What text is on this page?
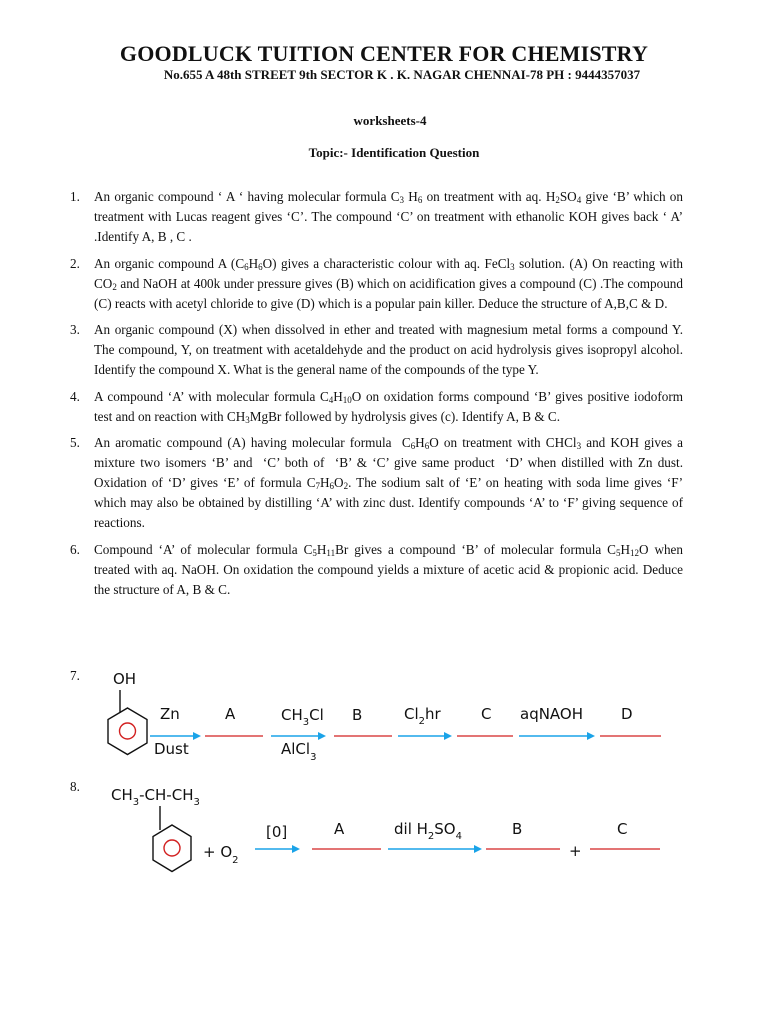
GOODLUCK TUITION CENTER FOR CHEMISTRY
No.655 A 48th STREET 9th SECTOR K . K. NAGAR CHENNAI-78 PH : 9444357037
worksheets-4
Topic:- Identification Question
1. An organic compound ‘ A ‘ having molecular formula $C_3$ $H_6$ on treatment with aq. $H_2SO_4$ give ‘B’ which on treatment with Lucas reagent gives ‘C’. The compound ‘C’ on treatment with ethanolic KOH gives back ‘ A’ .Identify A, B , C .
2. An organic compound A $(C_6H_6O)$ gives a characteristic colour with aq. FeCl$_3$ solution. (A) On reacting with $CO_2$ and NaOH at 400k under pressure gives (B) which on acidification gives a compound (C) .The compound (C) reacts with acetyl chloride to give (D) which is a popular pain killer. Deduce the structure of A,B,C & D.
3. An organic compound (X) when dissolved in ether and treated with magnesium metal forms a compound Y. The compound, Y, on treatment with acetaldehyde and the product on acid hydrolysis gives isopropyl alcohol. Identify the compound X. What is the general name of the compounds of the type Y.
4. A compound ‘A’ with molecular formula $C_4H_{10}O$ on oxidation forms compound ‘B’ gives positive iodoform test and on reaction with $CH_3MgBr$ followed by hydrolysis gives (c). Identify A, B & C.
5. An aromatic compound (A) having molecular formula  $C_6H_6O$ on treatment with CHCl$_3$ and KOH gives a mixture two isomers ‘B’ and  ‘C’ both of  ‘B’ & ‘C’ give same product  ‘D’ when distilled with Zn dust. Oxidation of ‘D’ gives ‘E’ of formula $C_7H_6O_2$. The sodium salt of ‘E’ on heating with soda lime gives ‘F’ which may also be obtained by distilling ‘A’ with zinc dust. Identify compounds ‘A’ to ‘F’ giving sequence of reactions.
6. Compound ‘A’ of molecular formula $C_5H_{11}Br$ gives a compound ‘B’ of molecular formula $C_5H_{12}O$ when treated with aq. NaOH. On oxidation the compound yields a mixture of acetic acid & propionic acid. Deduce the structure of A, B & C.
7. OH
Zn
Dust
A	$CH_3Cl$
AlCl$_3$
B	$Cl_2hr$	C aqNAOH	D
8. $CH_3-CH-CH_3$
+ $O_2$
[0]	A	dil $H_2SO_4$	B
+
C
